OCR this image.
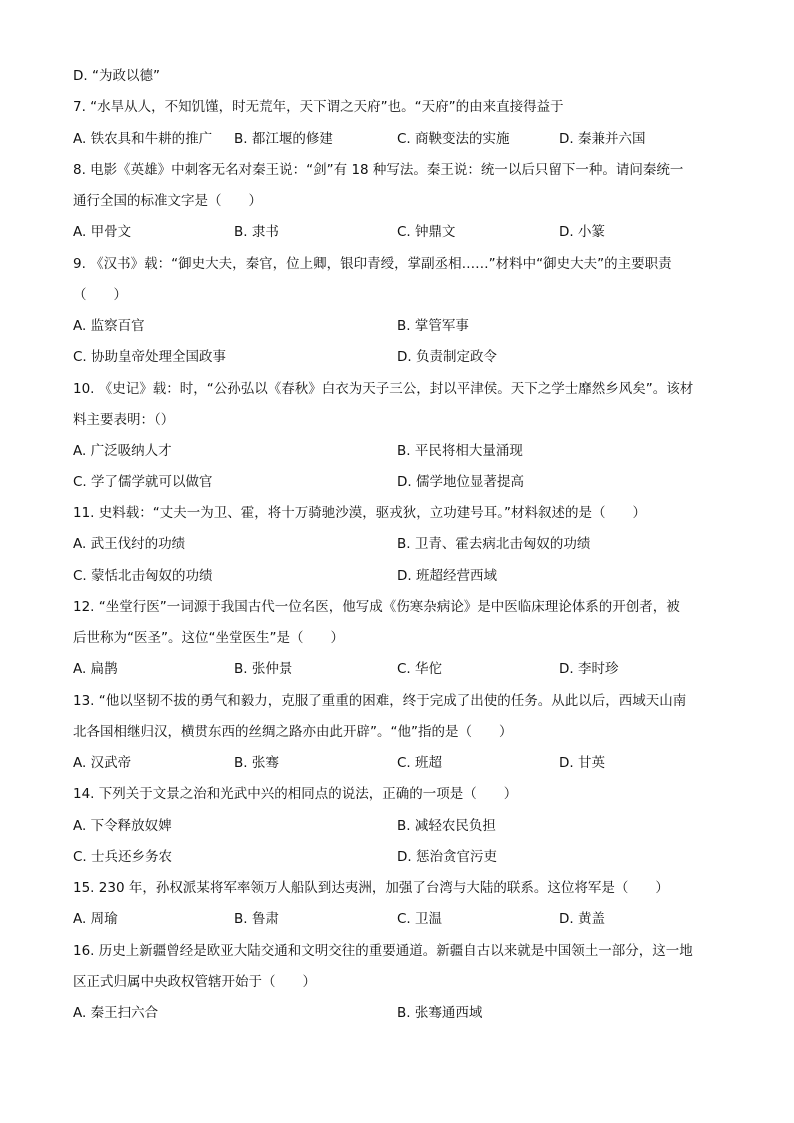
D. “为政以德”
7. “水旱从人，不知饥馑，时无荒年，天下谓之天府”也。“天府”的由来直接得益于
A. 铁农具和牛耕的推广 B. 都江堰的修建	C. 商鞅变法的实施	D. 秦兼并六国
8. 电影《英雄》中刺客无名对秦王说：“剑”有 18 种写法。秦王说：统一以后只留下一种。请问秦统一
通行全国的标准文字是（　　）
A. 甲骨文	B. 隶书	C. 钟鼎文	D. 小篆
9. 《汉书》载：“御史大夫，秦官，位上卿，银印青绶，掌副丞相……”材料中“御史大夫”的主要职责
（　　）
A. 监察百官	B. 掌管军事
C. 协助皇帝处理全国政事	D. 负责制定政令
10. 《史记》载：时，“公孙弘以《春秋》白衣为天子三公，封以平津侯。天下之学士靡然乡风矣”。该材
料主要表明：（）
A. 广泛吸纳人才	B. 平民将相大量涌现
C. 学了儒学就可以做官	D. 儒学地位显著提高
11. 史料载：“丈夫一为卫、霍，将十万骑驰沙漠，驱戎狄，立功建号耳。”材料叙述的是（　　）
A. 武王伐纣的功绩	B. 卫青、霍去病北击匈奴的功绩
C. 蒙恬北击匈奴的功绩	D. 班超经营西域
12. “坐堂行医”一词源于我国古代一位名医，他写成《伤寒杂病论》是中医临床理论体系的开创者，被
后世称为“医圣”。这位“坐堂医生”是（　　）
A. 扁鹊	B. 张仲景	C. 华佗	D. 李时珍
13. “他以坚韧不拔的勇气和毅力，克服了重重的困难，终于完成了出使的任务。从此以后，西域天山南
北各国相继归汉，横贯东西的丝绸之路亦由此开辟”。“他”指的是（　　）
A. 汉武帝	B. 张骞	C. 班超	D. 甘英
14. 下列关于文景之治和光武中兴的相同点的说法，正确的一项是（　　）
A. 下令释放奴婢	B. 减轻农民负担
C. 士兵还乡务农	D. 惩治贪官污吏
15. 230 年，孙权派某将军率领万人船队到达夷洲，加强了台湾与大陆的联系。这位将军是（　　）
A. 周瑜	B. 鲁肃	C. 卫温	D. 黄盖
16. 历史上新疆曾经是欧亚大陆交通和文明交往的重要通道。新疆自古以来就是中国领土一部分，这一地
区正式归属中央政权管辖开始于（　　）
A. 秦王扫六合	B. 张骞通西域
